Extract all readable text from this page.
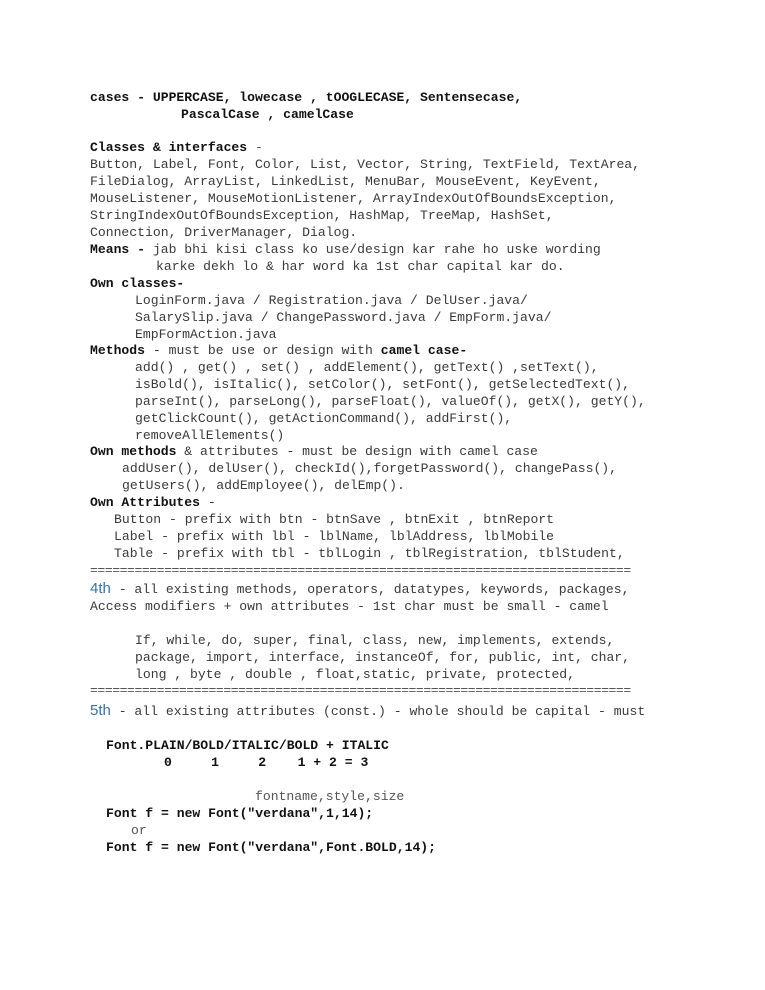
cases - UPPERCASE, lowecase , tOOGLECASE, Sentensecase,
PascalCase , camelCase
Classes & interfaces -
Button, Label, Font, Color, List, Vector, String, TextField, TextArea,
FileDialog, ArrayList, LinkedList, MenuBar, MouseEvent, KeyEvent,
MouseListener, MouseMotionListener, ArrayIndexOutOfBoundsException,
StringIndexOutOfBoundsException, HashMap, TreeMap, HashSet,
Connection, DriverManager, Dialog.
Means - jab bhi kisi class ko use/design kar rahe ho uske wording
karke dekh lo & har word ka 1st char capital kar do.
Own classes-
LoginForm.java / Registration.java / DelUser.java/
SalarySlip.java / ChangePassword.java / EmpForm.java/
EmpFormAction.java
Methods - must be use or design with camel case-
add() , get() , set() , addElement(), getText() ,setText(),
isBold(), isItalic(), setColor(), setFont(), getSelectedText(),
parseInt(), parseLong(), parseFloat(), valueOf(), getX(), getY(),
getClickCount(), getActionCommand(), addFirst(),
removeAllElements()
Own methods & attributes - must be design with camel case
addUser(), delUser(), checkId(),forgetPassword(), changePass(),
getUsers(), addEmployee(), delEmp().
Own Attributes -
Button - prefix with btn - btnSave , btnExit , btnReport
Label - prefix with lbl - lblName, lblAddress, lblMobile
Table - prefix with tbl - tblLogin , tblRegistration, tblStudent,
=========================================================================
4th - all existing methods, operators, datatypes, keywords, packages,
Access modifiers + own attributes - 1st char must be small - camel
If, while, do, super, final, class, new, implements, extends,
package, import, interface, instanceOf, for, public, int, char,
long , byte , double , float,static, private, protected,
=========================================================================
5th - all existing attributes (const.) - whole should be capital - must
Font.PLAIN/BOLD/ITALIC/BOLD + ITALIC
0     1     2    1 + 2 = 3
fontname,style,size
Font f = new Font("verdana",1,14);
or
Font f = new Font("verdana",Font.BOLD,14);
